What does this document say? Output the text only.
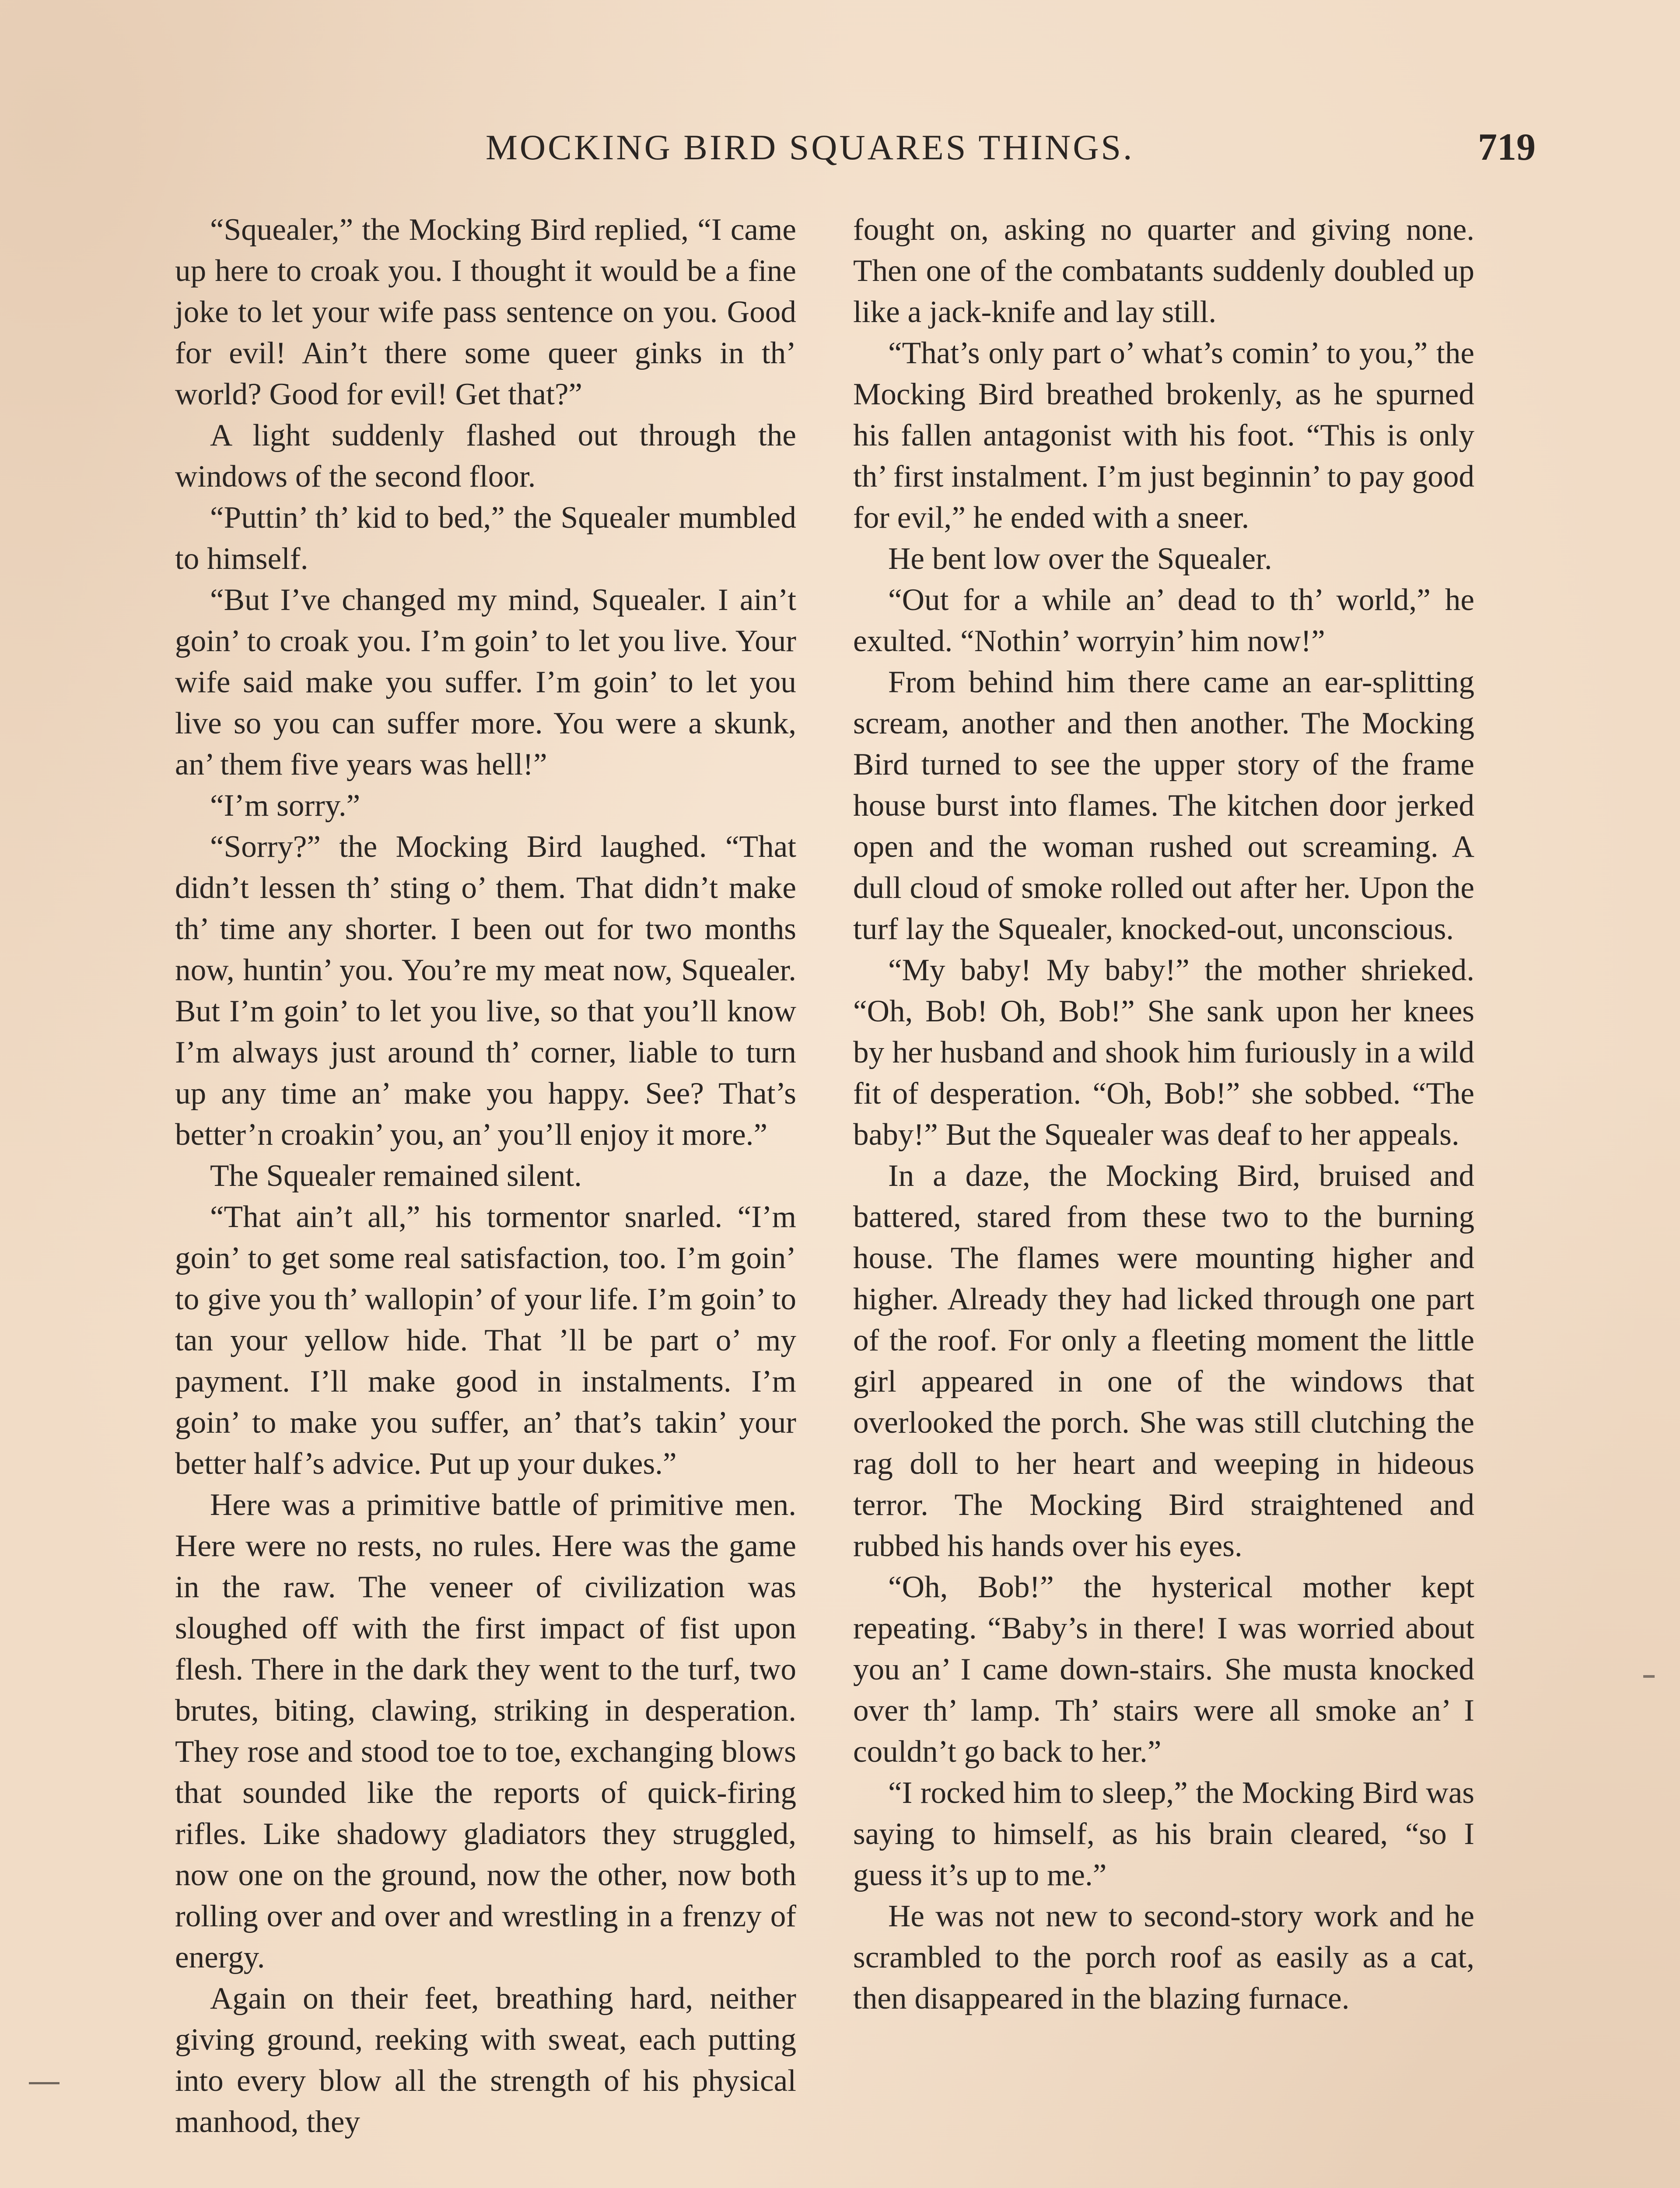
MOCKING BIRD SQUARES THINGS.	719

“Squealer,” the Mocking Bird replied, “I came up here to croak you. I thought it would be a fine joke to let your wife pass sentence on you. Good for evil! Ain’t there some queer ginks in th’ world? Good for evil! Get that?”

A light suddenly flashed out through the windows of the second floor.

“Puttin’ th’ kid to bed,” the Squealer mumbled to himself.

“But I’ve changed my mind, Squealer. I ain’t goin’ to croak you. I’m goin’ to let you live. Your wife said make you suffer. I’m goin’ to let you live so you can suffer more. You were a skunk, an’ them five years was hell!”

“I’m sorry.”

“Sorry?” the Mocking Bird laughed. “That didn’t lessen th’ sting o’ them. That didn’t make th’ time any shorter. I been out for two months now, huntin’ you. You’re my meat now, Squealer. But I’m goin’ to let you live, so that you’ll know I’m always just around th’ corner, liable to turn up any time an’ make you happy. See? That’s better’n croakin’ you, an’ you’ll enjoy it more.”

The Squealer remained silent.

“That ain’t all,” his tormentor snarled. “I’m goin’ to get some real satisfaction, too. I’m goin’ to give you th’ wallopin’ of your life. I’m goin’ to tan your yellow hide. That ’ll be part o’ my payment. I’ll make good in instalments. I’m goin’ to make you suffer, an’ that’s takin’ your better half’s advice. Put up your dukes.”

Here was a primitive battle of primitive men. Here were no rests, no rules. Here was the game in the raw. The veneer of civilization was sloughed off with the first impact of fist upon flesh. There in the dark they went to the turf, two brutes, biting, clawing, striking in desperation. They rose and stood toe to toe, exchanging blows that sounded like the reports of quick-firing rifles. Like shadowy gladiators they struggled, now one on the ground, now the other, now both rolling over and over and wrestling in a frenzy of energy.

Again on their feet, breathing hard, neither giving ground, reeking with sweat, each putting into every blow all the strength of his physical manhood, they

fought on, asking no quarter and giving none. Then one of the combatants suddenly doubled up like a jack-knife and lay still.

“That’s only part o’ what’s comin’ to you,” the Mocking Bird breathed brokenly, as he spurned his fallen antagonist with his foot. “This is only th’ first instalment. I’m just beginnin’ to pay good for evil,” he ended with a sneer.

He bent low over the Squealer.

“Out for a while an’ dead to th’ world,” he exulted. “Nothin’ worryin’ him now!”

From behind him there came an ear-splitting scream, another and then another. The Mocking Bird turned to see the upper story of the frame house burst into flames. The kitchen door jerked open and the woman rushed out screaming. A dull cloud of smoke rolled out after her. Upon the turf lay the Squealer, knocked-out, unconscious.

“My baby! My baby!” the mother shrieked. “Oh, Bob! Oh, Bob!” She sank upon her knees by her husband and shook him furiously in a wild fit of desperation. “Oh, Bob!” she sobbed. “The baby!” But the Squealer was deaf to her appeals.

In a daze, the Mocking Bird, bruised and battered, stared from these two to the burning house. The flames were mounting higher and higher. Already they had licked through one part of the roof. For only a fleeting moment the little girl appeared in one of the windows that overlooked the porch. She was still clutching the rag doll to her heart and weeping in hideous terror. The Mocking Bird straightened and rubbed his hands over his eyes.

“Oh, Bob!” the hysterical mother kept repeating. “Baby’s in there! I was worried about you an’ I came down-stairs. She musta knocked over th’ lamp. Th’ stairs were all smoke an’ I couldn’t go back to her.”

“I rocked him to sleep,” the Mocking Bird was saying to himself, as his brain cleared, “so I guess it’s up to me.”

He was not new to second-story work and he scrambled to the porch roof as easily as a cat, then disappeared in the blazing furnace.
